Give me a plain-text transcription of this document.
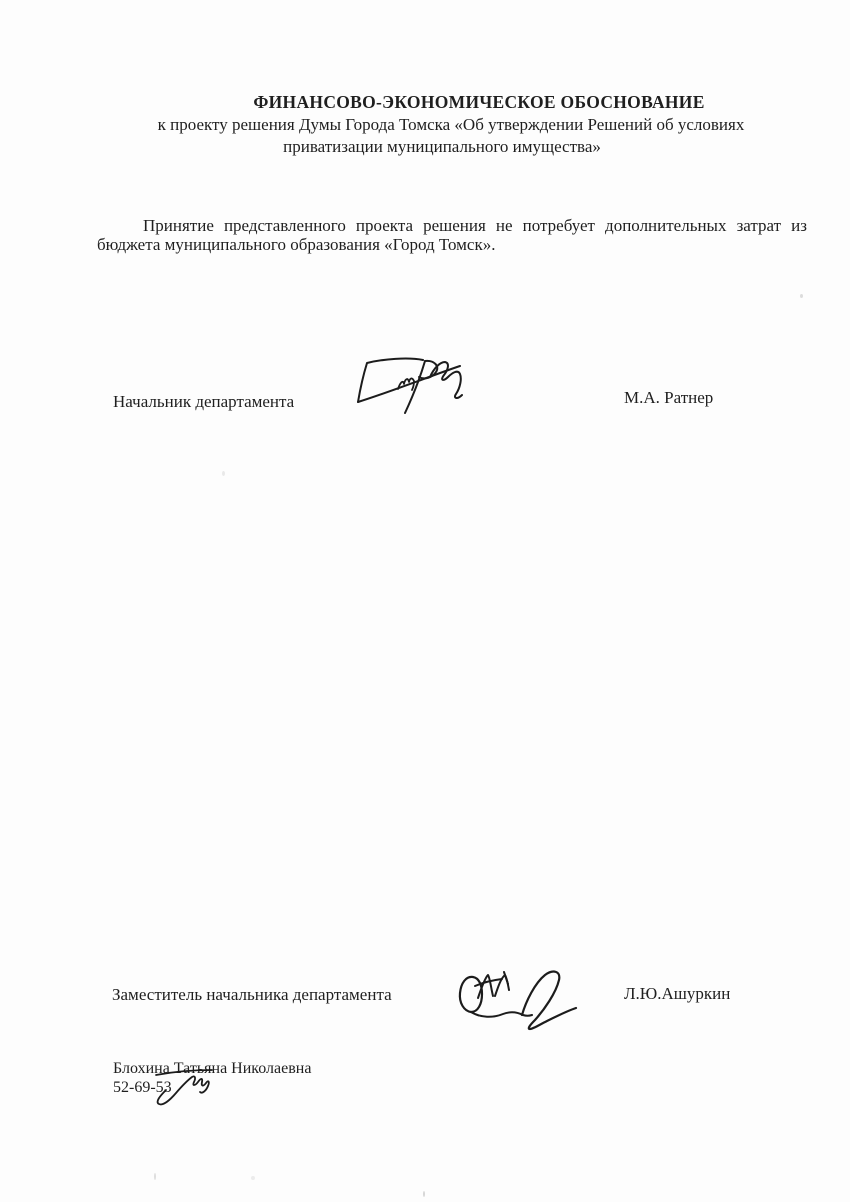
ФИНАНСОВО-ЭКОНОМИЧЕСКОЕ ОБОСНОВАНИЕ
к проекту решения Думы Города Томска «Об утверждении Решений об условиях
приватизации муниципального имущества»
Принятие представленного проекта решения не потребует дополнительных затрат из
бюджета муниципального образования «Город Томск».
Начальник департамента	М.А. Ратнер
Заместитель начальника департамента	Л.Ю.Ашуркин
Блохина Татьяна Николаевна
52-69-53
